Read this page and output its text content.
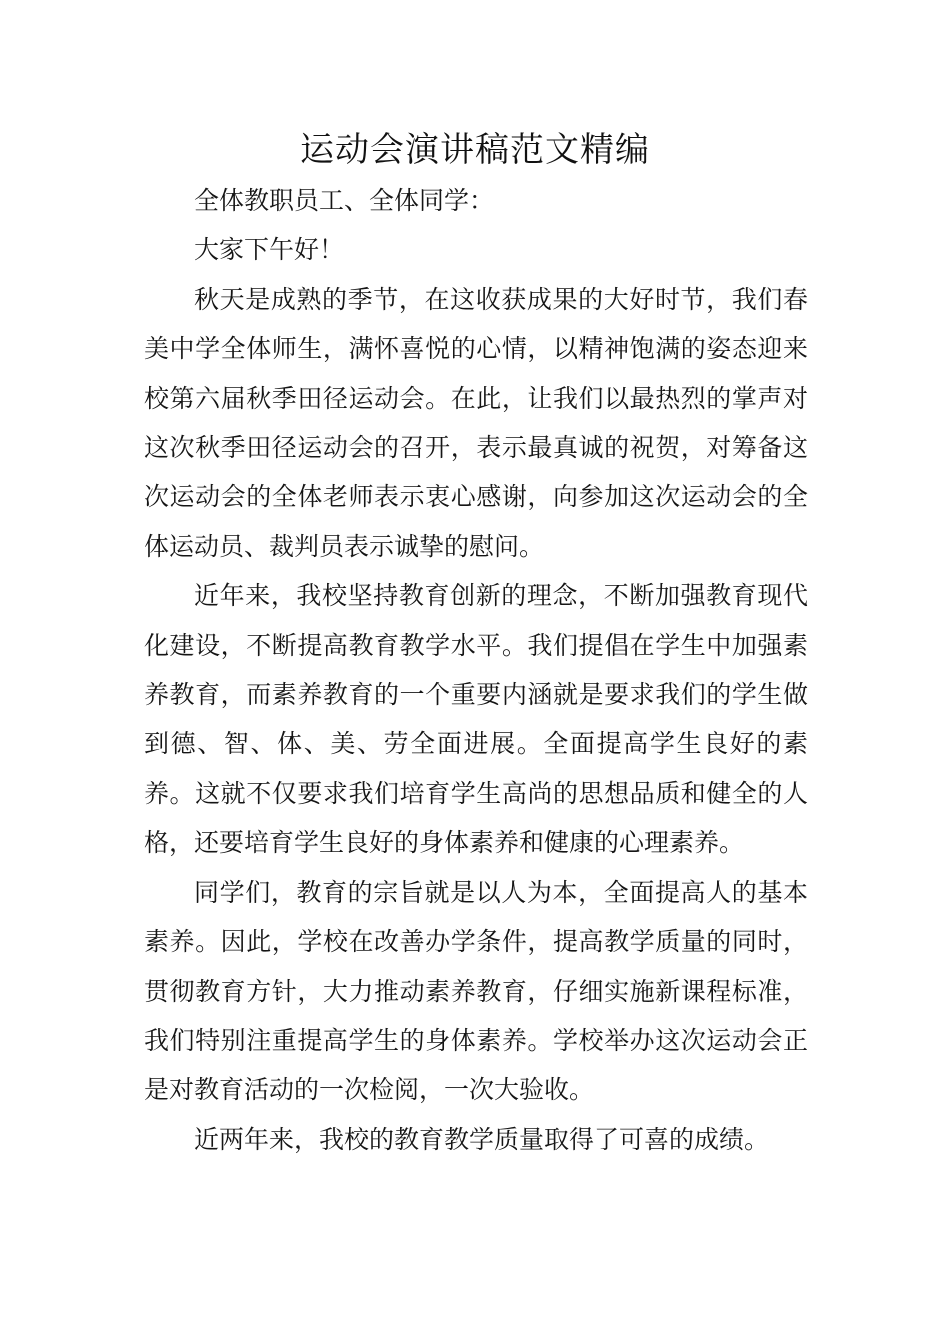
运动会演讲稿范文精编

全体教职员工、全体同学：

大家下午好！

秋天是成熟的季节，在这收获成果的大好时节，我们春美中学全体师生，满怀喜悦的心情，以精神饱满的姿态迎来校第六届秋季田径运动会。在此，让我们以最热烈的掌声对这次秋季田径运动会的召开，表示最真诚的祝贺，对筹备这次运动会的全体老师表示衷心感谢，向参加这次运动会的全体运动员、裁判员表示诚挚的慰问。

近年来，我校坚持教育创新的理念，不断加强教育现代化建设，不断提高教育教学水平。我们提倡在学生中加强素养教育，而素养教育的一个重要内涵就是要求我们的学生做到德、智、体、美、劳全面进展。全面提高学生良好的素养。这就不仅要求我们培育学生高尚的思想品质和健全的人格，还要培育学生良好的身体素养和健康的心理素养。

同学们，教育的宗旨就是以人为本，全面提高人的基本素养。因此，学校在改善办学条件，提高教学质量的同时，贯彻教育方针，大力推动素养教育，仔细实施新课程标准，我们特别注重提高学生的身体素养。学校举办这次运动会正是对教育活动的一次检阅，一次大验收。

近两年来，我校的教育教学质量取得了可喜的成绩。
